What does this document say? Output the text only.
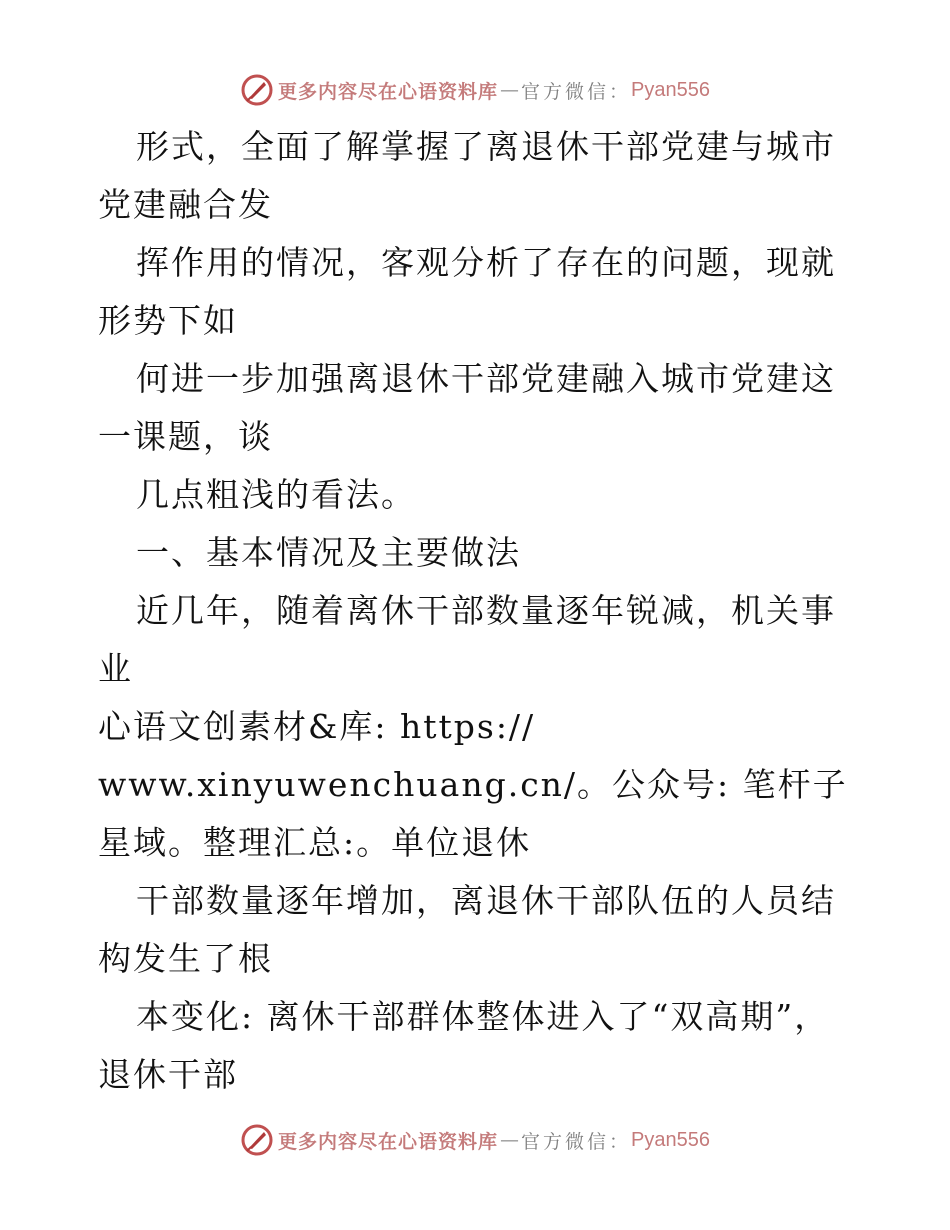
更多内容尽在心语资料库 — 官方微信： Pyan556

形式，全面了解掌握了离退休干部党建与城市党建融合发

挥作用的情况，客观分析了存在的问题，现就形势下如

何进一步加强离退休干部党建融入城市党建这一课题，谈

几点粗浅的看法。

一、基本情况及主要做法

近几年，随着离休干部数量逐年锐减，机关事业

心语文创素材&库: https://

www.xinyuwenchuang.cn/。公众号: 笔杆子星域。整理汇总:。单位退休

干部数量逐年增加，离退休干部队伍的人员结构发生了根

本变化: 离休干部群体整体进入了“双高期”，退休干部

更多内容尽在心语资料库 — 官方微信： Pyan556
